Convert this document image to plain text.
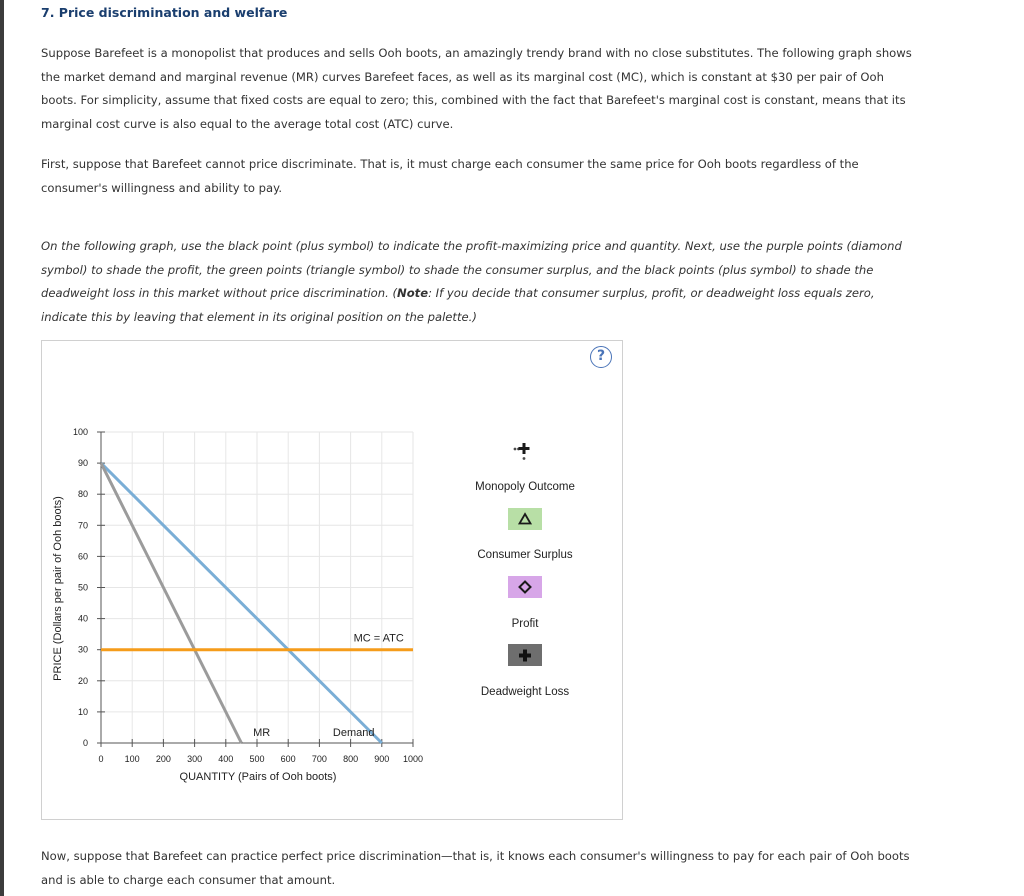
7. Price discrimination and welfare

Suppose Barefeet is a monopolist that produces and sells Ooh boots, an amazingly trendy brand with no close substitutes. The following graph shows
the market demand and marginal revenue (MR) curves Barefeet faces, as well as its marginal cost (MC), which is constant at $30 per pair of Ooh
boots. For simplicity, assume that fixed costs are equal to zero; this, combined with the fact that Barefeet's marginal cost is constant, means that its
marginal cost curve is also equal to the average total cost (ATC) curve.

First, suppose that Barefeet cannot price discriminate. That is, it must charge each consumer the same price for Ooh boots regardless of the
consumer's willingness and ability to pay.

On the following graph, use the black point (plus symbol) to indicate the profit-maximizing price and quantity. Next, use the purple points (diamond
symbol) to shade the profit, the green points (triangle symbol) to shade the consumer surplus, and the black points (plus symbol) to shade the
deadweight loss in this market without price discrimination. (Note: If you decide that consumer surplus, profit, or deadweight loss equals zero,
indicate this by leaving that element in its original position on the palette.)

Now, suppose that Barefeet can practice perfect price discrimination—that is, it knows each consumer's willingness to pay for each pair of Ooh boots
and is able to charge each consumer that amount.

?
0 100 200 300 400 500 600 700 800 900 1000
0
10
20
30
40
50
60
70
80
90
100
Demand
MR
MC = ATC
QUANTITY (Pairs of Ooh boots)
PRICE (Dollars per pair of Ooh boots)
Monopoly Outcome
Consumer Surplus
Profit
Deadweight Loss
